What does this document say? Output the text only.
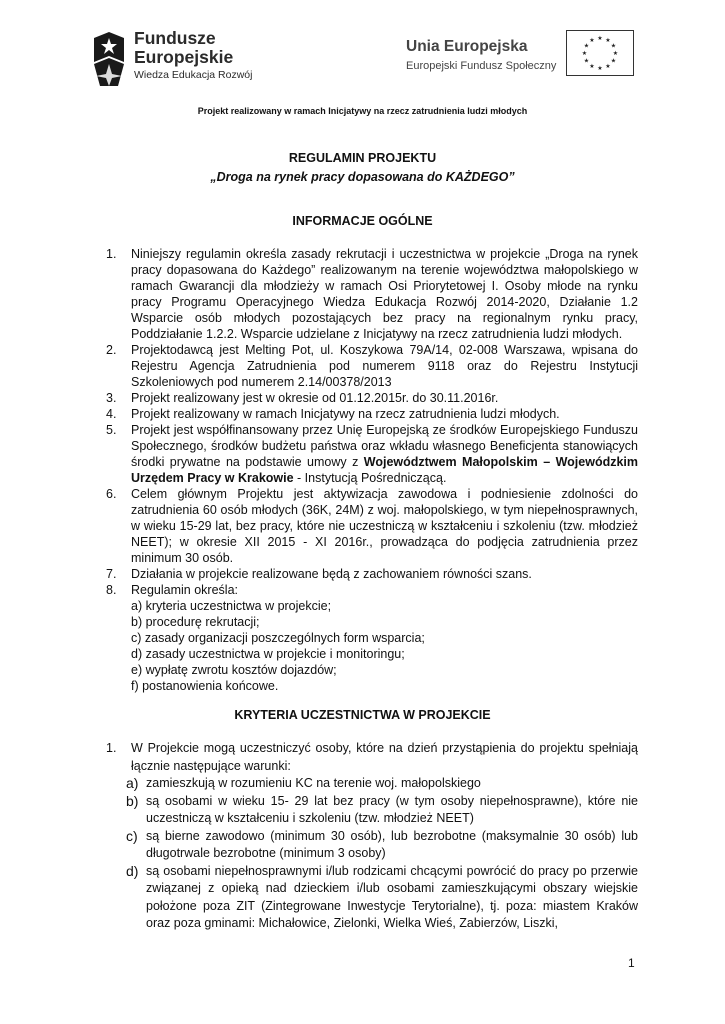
Fundusze
Europejskie
Wiedza Edukacja Rozwój
Unia Europejska
Europejski Fundusz Społeczny
★ ★
★
★
★
★
★
★
★
★
★
★
Projekt realizowany w ramach Inicjatywy na rzecz zatrudnienia ludzi młodych
REGULAMIN PROJEKTU
„Droga na rynek pracy dopasowana do KAŻDEGO”
INFORMACJE OGÓLNE
1. Niniejszy regulamin określa zasady rekrutacji i uczestnictwa w projekcie „Droga na rynek pracy dopasowana do Każdego” realizowanym na terenie województwa małopolskiego w ramach Gwarancji dla młodzieży w ramach Osi Priorytetowej I. Osoby młode na rynku pracy Programu Operacyjnego Wiedza Edukacja Rozwój 2014-2020, Działanie 1.2 Wsparcie osób młodych pozostających bez pracy na regionalnym rynku pracy, Poddziałanie 1.2.2. Wsparcie udzielane z Inicjatywy na rzecz zatrudnienia ludzi młodych.
2. Projektodawcą jest Melting Pot, ul. Koszykowa 79A/14, 02-008 Warszawa, wpisana do Rejestru Agencja Zatrudnienia pod numerem 9118 oraz do Rejestru Instytucji Szkoleniowych pod numerem 2.14/00378/2013
3. Projekt realizowany jest w okresie od 01.12.2015r. do 30.11.2016r.
4. Projekt realizowany w ramach Inicjatywy na rzecz zatrudnienia ludzi młodych.
5. Projekt jest współfinansowany przez Unię Europejską ze środków Europejskiego Funduszu Społecznego, środków budżetu państwa oraz wkładu własnego Beneficjenta stanowiących środki prywatne na podstawie umowy z Województwem Małopolskim – Wojewódzkim Urzędem Pracy w Krakowie - Instytucją Pośredniczącą.
6. Celem głównym Projektu jest aktywizacja zawodowa i podniesienie zdolności do zatrudnienia 60 osób młodych (36K, 24M) z woj. małopolskiego, w tym niepełnosprawnych, w wieku 15-29 lat, bez pracy, które nie uczestniczą w kształceniu i szkoleniu (tzw. młodzież NEET); w okresie XII 2015 - XI 2016r., prowadząca do podjęcia zatrudnienia przez minimum 30 osób.
7. Działania w projekcie realizowane będą z zachowaniem równości szans.
8. Regulamin określa:
a) kryteria uczestnictwa w projekcie;
b) procedurę rekrutacji;
c) zasady organizacji poszczególnych form wsparcia;
d) zasady uczestnictwa w projekcie i monitoringu;
e) wypłatę zwrotu kosztów dojazdów;
f) postanowienia końcowe.
KRYTERIA UCZESTNICTWA W PROJEKCIE
1. W Projekcie mogą uczestniczyć osoby, które na dzień przystąpienia do projektu spełniają łącznie następujące warunki:
a) zamieszkują w rozumieniu KC na terenie woj. małopolskiego
b) są osobami w wieku 15- 29 lat bez pracy (w tym osoby niepełnosprawne), które nie uczestniczą w kształceniu i szkoleniu (tzw. młodzież NEET)
c) są bierne zawodowo (minimum 30 osób), lub bezrobotne (maksymalnie 30 osób) lub długotrwale bezrobotne (minimum 3 osoby)
d) są osobami niepełnosprawnymi i/lub rodzicami chcącymi powrócić do pracy po przerwie związanej z opieką nad dzieckiem i/lub osobami zamieszkującymi obszary wiejskie położone poza ZIT (Zintegrowane Inwestycje Terytorialne), tj. poza: miastem Kraków oraz poza gminami: Michałowice, Zielonki, Wielka Wieś, Zabierzów, Liszki,
1
